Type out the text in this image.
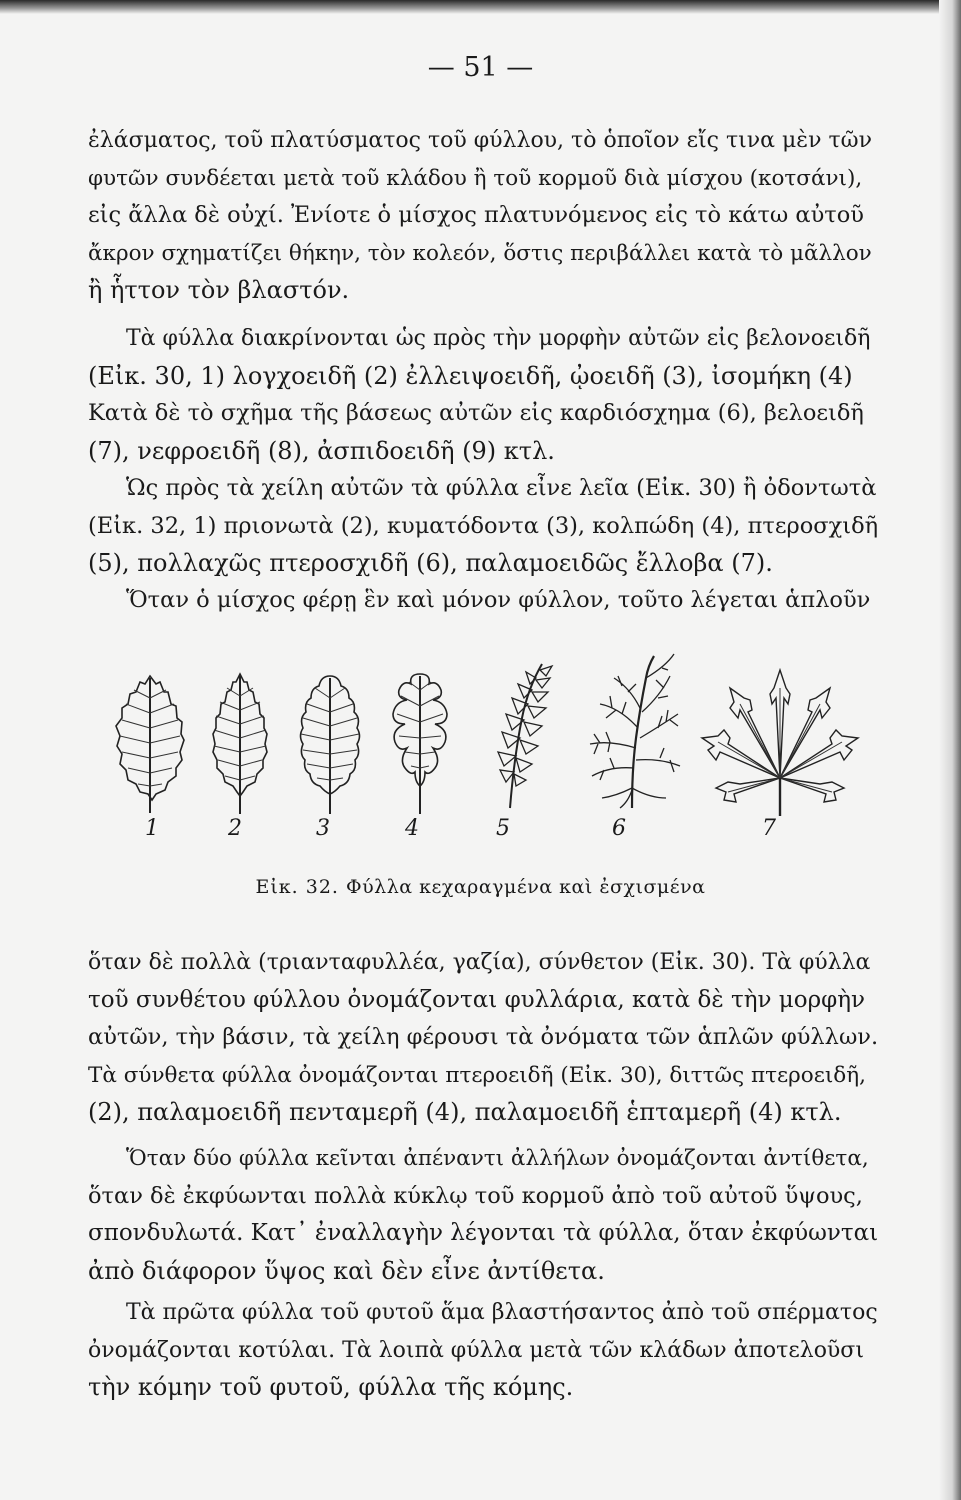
— 51 —
ἐλάσματος, τοῦ πλατύσματος τοῦ φύλλου, τὸ ὁποῖον εἴς τινα μὲν τῶν
φυτῶν συνδέεται μετὰ τοῦ κλάδου ἢ τοῦ κορμοῦ διὰ μίσχου (κοτσάνι),
εἰς ἄλλα δὲ οὐχί. Ἐνίοτε ὁ μίσχος πλατυνόμενος εἰς τὸ κάτω αὐτοῦ
ἄκρον σχηματίζει θήκην, τὸν κολεόν, ὅστις περιβάλλει κατὰ τὸ μᾶλλον
ἢ ἧττον τὸν βλαστόν.
Τὰ φύλλα διακρίνονται ὡς πρὸς τὴν μορφὴν αὐτῶν εἰς βελονοειδῆ
(Εἰκ. 30, 1) λογχοειδῆ (2) ἐλλειψοειδῆ, ᾠοειδῆ (3), ἰσομήκη (4)
Κατὰ δὲ τὸ σχῆμα τῆς βάσεως αὐτῶν εἰς καρδιόσχημα (6), βελοειδῆ
(7), νεφροειδῆ (8), ἀσπιδοειδῆ (9) κτλ.
Ὡς πρὸς τὰ χείλη αὐτῶν τὰ φύλλα εἶνε λεῖα (Εἰκ. 30) ἢ ὀδοντωτὰ
(Εἰκ. 32, 1) πριονωτὰ (2), κυματόδοντα (3), κολπώδη (4), πτεροσχιδῆ
(5), πολλαχῶς πτεροσχιδῆ (6), παλαμοειδῶς ἔλλοβα (7).
Ὅταν ὁ μίσχος φέρῃ ἓν καὶ μόνον φύλλον, τοῦτο λέγεται ἁπλοῦν
1	2	3	4	5	6	7
Εἰκ. 32. Φύλλα κεχαραγμένα καὶ ἐσχισμένα
ὅταν δὲ πολλὰ (τριανταφυλλέα, γαζία), σύνθετον (Εἰκ. 30). Τὰ φύλλα
τοῦ συνθέτου φύλλου ὀνομάζονται φυλλάρια, κατὰ δὲ τὴν μορφὴν
αὐτῶν, τὴν βάσιν, τὰ χείλη φέρουσι τὰ ὀνόματα τῶν ἁπλῶν φύλλων.
Τὰ σύνθετα φύλλα ὀνομάζονται πτεροειδῆ (Εἰκ. 30), διττῶς πτεροειδῆ,
(2), παλαμοειδῆ πενταμερῆ (4), παλαμοειδῆ ἑπταμερῆ (4) κτλ.
Ὅταν δύο φύλλα κεῖνται ἀπέναντι ἀλλήλων ὀνομάζονται ἀντίθετα,
ὅταν δὲ ἐκφύωνται πολλὰ κύκλῳ τοῦ κορμοῦ ἀπὸ τοῦ αὐτοῦ ὕψους,
σπονδυλωτά. Κατ᾽ ἐναλλαγὴν λέγονται τὰ φύλλα, ὅταν ἐκφύωνται
ἀπὸ διάφορον ὕψος καὶ δὲν εἶνε ἀντίθετα.
Τὰ πρῶτα φύλλα τοῦ φυτοῦ ἅμα βλαστήσαντος ἀπὸ τοῦ σπέρματος
ὀνομάζονται κοτύλαι. Τὰ λοιπὰ φύλλα μετὰ τῶν κλάδων ἀποτελοῦσι
τὴν κόμην τοῦ φυτοῦ, φύλλα τῆς κόμης.
